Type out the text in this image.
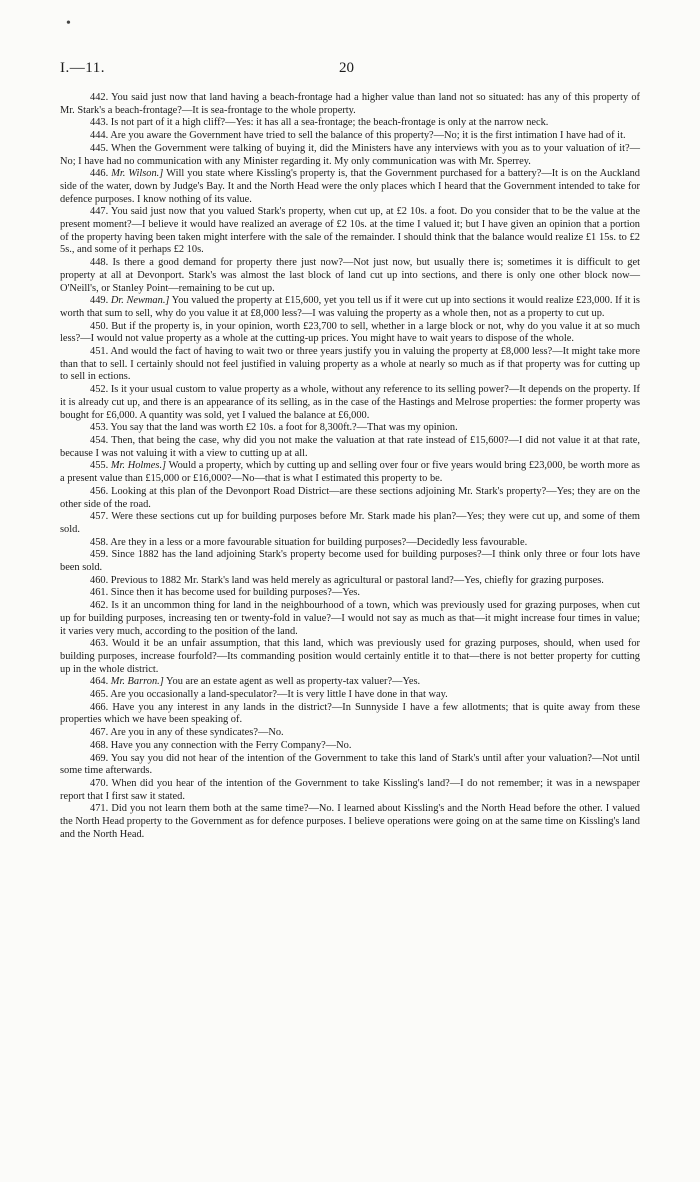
•
I.—11.	20

442. You said just now that land having a beach-frontage had a higher value than land not so situated: has any of this property of Mr. Stark's a beach-frontage?—It is sea-frontage to the whole property.

443. Is not part of it a high cliff?—Yes: it has all a sea-frontage; the beach-frontage is only at the narrow neck.

444. Are you aware the Government have tried to sell the balance of this property?—No; it is the first intimation I have had of it.

445. When the Government were talking of buying it, did the Ministers have any interviews with you as to your valuation of it?—No; I have had no communication with any Minister regarding it. My only communication was with Mr. Sperrey.

446. Mr. Wilson.] Will you state where Kissling's property is, that the Government purchased for a battery?—It is on the Auckland side of the water, down by Judge's Bay. It and the North Head were the only places which I heard that the Government intended to take for defence purposes. I know nothing of its value.

447. You said just now that you valued Stark's property, when cut up, at £2 10s. a foot. Do you consider that to be the value at the present moment?—I believe it would have realized an average of £2 10s. at the time I valued it; but I have given an opinion that a portion of the property having been taken might interfere with the sale of the remainder. I should think that the balance would realize £1 15s. to £2 5s., and some of it perhaps £2 10s.

448. Is there a good demand for property there just now?—Not just now, but usually there is; sometimes it is difficult to get property at all at Devonport. Stark's was almost the last block of land cut up into sections, and there is only one other block now—O'Neill's, or Stanley Point—remaining to be cut up.

449. Dr. Newman.] You valued the property at £15,600, yet you tell us if it were cut up into sections it would realize £23,000. If it is worth that sum to sell, why do you value it at £8,000 less?—I was valuing the property as a whole then, not as a property to cut up.

450. But if the property is, in your opinion, worth £23,700 to sell, whether in a large block or not, why do you value it at so much less?—I would not value property as a whole at the cutting-up prices. You might have to wait years to dispose of the whole.

451. And would the fact of having to wait two or three years justify you in valuing the property at £8,000 less?—It might take more than that to sell. I certainly should not feel justified in valuing property as a whole at nearly so much as if that property was for cutting up to sell in ections.

452. Is it your usual custom to value property as a whole, without any reference to its selling power?—It depends on the property. If it is already cut up, and there is an appearance of its selling, as in the case of the Hastings and Melrose properties: the former property was bought for £6,000. A quantity was sold, yet I valued the balance at £6,000.

453. You say that the land was worth £2 10s. a foot for 8,300ft.?—That was my opinion.

454. Then, that being the case, why did you not make the valuation at that rate instead of £15,600?—I did not value it at that rate, because I was not valuing it with a view to cutting up at all.

455. Mr. Holmes.] Would a property, which by cutting up and selling over four or five years would bring £23,000, be worth more as a present value than £15,000 or £16,000?—No—that is what I estimated this property to be.

456. Looking at this plan of the Devonport Road District—are these sections adjoining Mr. Stark's property?—Yes; they are on the other side of the road.

457. Were these sections cut up for building purposes before Mr. Stark made his plan?—Yes; they were cut up, and some of them sold.

458. Are they in a less or a more favourable situation for building purposes?—Decidedly less favourable.

459. Since 1882 has the land adjoining Stark's property become used for building purposes?—I think only three or four lots have been sold.

460. Previous to 1882 Mr. Stark's land was held merely as agricultural or pastoral land?—Yes, chiefly for grazing purposes.

461. Since then it has become used for building purposes?—Yes.

462. Is it an uncommon thing for land in the neighbourhood of a town, which was previously used for grazing purposes, when cut up for building purposes, increasing ten or twenty-fold in value?—I would not say as much as that—it might increase four times in value; it varies very much, according to the position of the land.

463. Would it be an unfair assumption, that this land, which was previously used for grazing purposes, should, when used for building purposes, increase fourfold?—Its commanding position would certainly entitle it to that—there is not better property for cutting up in the whole district.

464. Mr. Barron.] You are an estate agent as well as property-tax valuer?—Yes.

465. Are you occasionally a land-speculator?—It is very little I have done in that way.

466. Have you any interest in any lands in the district?—In Sunnyside I have a few allotments; that is quite away from these properties which we have been speaking of.

467. Are you in any of these syndicates?—No.

468. Have you any connection with the Ferry Company?—No.

469. You say you did not hear of the intention of the Government to take this land of Stark's until after your valuation?—Not until some time afterwards.

470. When did you hear of the intention of the Government to take Kissling's land?—I do not remember; it was in a newspaper report that I first saw it stated.

471. Did you not learn them both at the same time?—No. I learned about Kissling's and the North Head before the other. I valued the North Head property to the Government as for defence purposes. I believe operations were going on at the same time on Kissling's land and the North Head.
